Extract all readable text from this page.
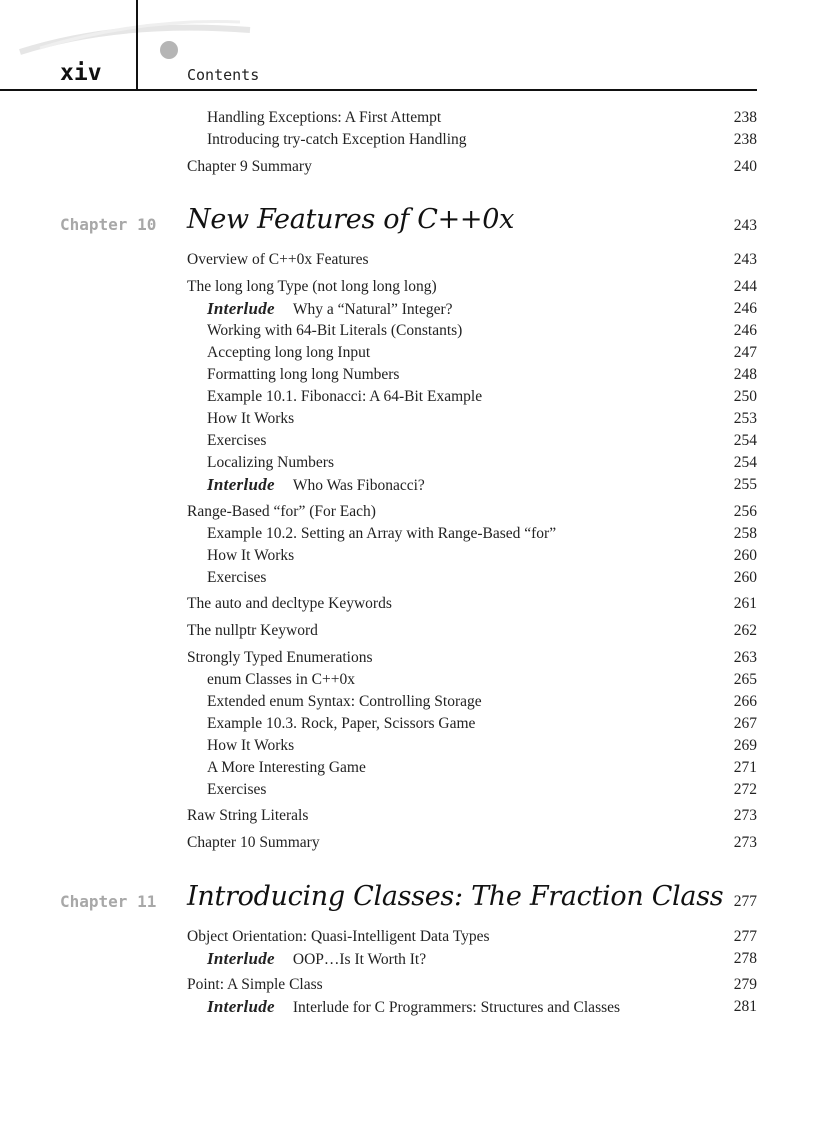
xiv	Contents
Handling Exceptions: A First Attempt	238
Introducing try-catch Exception Handling	238
Chapter 9 Summary	240
Chapter 10 New Features of C++0x	243
Overview of C++0x Features	243
The long long Type (not long long long)	244
Interlude Why a “Natural” Integer?	246
Working with 64-Bit Literals (Constants)	246
Accepting long long Input	247
Formatting long long Numbers	248
Example 10.1. Fibonacci: A 64-Bit Example	250
How It Works	253
Exercises	254
Localizing Numbers	254
Interlude Who Was Fibonacci?	255
Range-Based “for” (For Each)	256
Example 10.2. Setting an Array with Range-Based “for”	258
How It Works	260
Exercises	260
The auto and decltype Keywords	261
The nullptr Keyword	262
Strongly Typed Enumerations	263
enum Classes in C++0x	265
Extended enum Syntax: Controlling Storage	266
Example 10.3. Rock, Paper, Scissors Game	267
How It Works	269
A More Interesting Game	271
Exercises	272
Raw String Literals	273
Chapter 10 Summary	273
Chapter 11 Introducing Classes: The Fraction Class 277
Object Orientation: Quasi-Intelligent Data Types	277
Interlude OOP…Is It Worth It?	278
Point: A Simple Class	279
Interlude Interlude for C Programmers: Structures and Classes	281
